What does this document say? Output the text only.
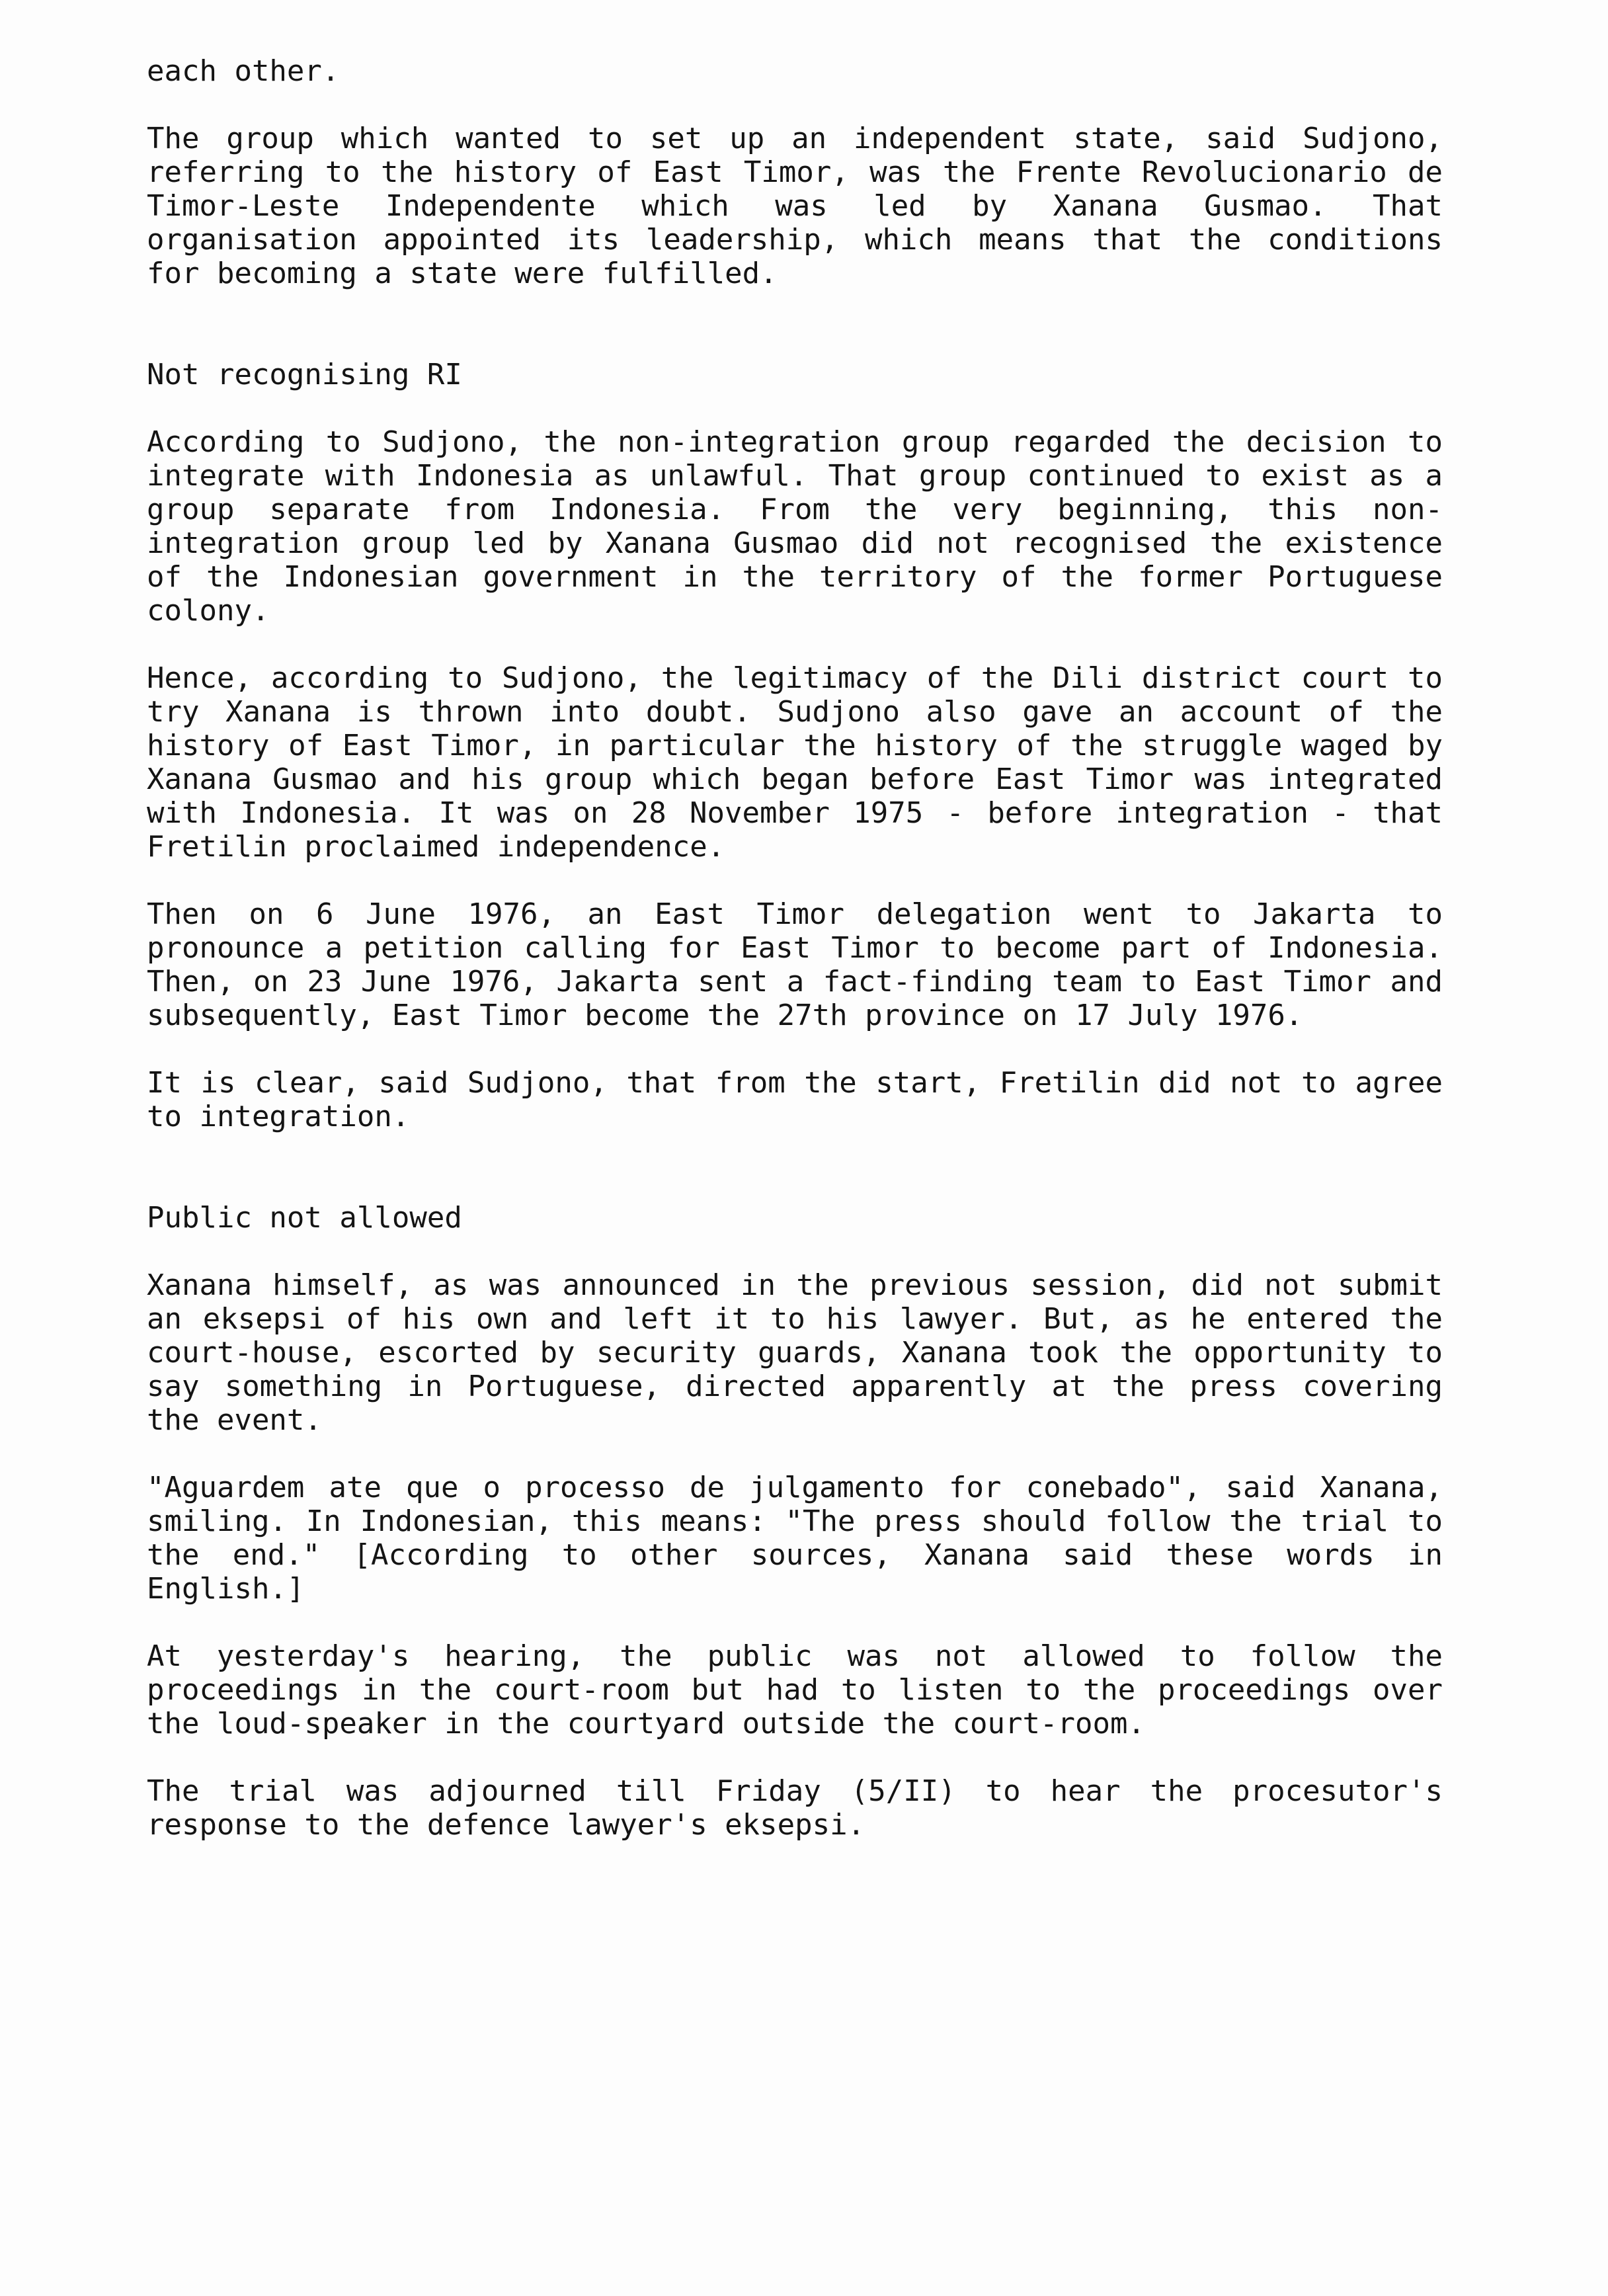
each other.

The group which wanted to set up an independent state, said Sudjono, referring to the history of East Timor, was the Frente Revolucionario de Timor-Leste Independente which was led by Xanana Gusmao. That organisation appointed its leadership, which means that the conditions for becoming a state were fulfilled.

Not recognising RI

According to Sudjono, the non-integration group regarded the decision to integrate with Indonesia as unlawful. That group continued to exist as a group separate from Indonesia. From the very beginning, this non-integration group led by Xanana Gusmao did not recognised the existence of the Indonesian government in the territory of the former Portuguese colony.

Hence, according to Sudjono, the legitimacy of the Dili district court to try Xanana is thrown into doubt. Sudjono also gave an account of the history of East Timor, in particular the history of the struggle waged by Xanana Gusmao and his group which began before East Timor was integrated with Indonesia. It was on 28 November 1975 - before integration - that Fretilin proclaimed independence.

Then on 6 June 1976, an East Timor delegation went to Jakarta to pronounce a petition calling for East Timor to become part of Indonesia. Then, on 23 June 1976, Jakarta sent a fact-finding team to East Timor and subsequently, East Timor become the 27th province on 17 July 1976.

It is clear, said Sudjono, that from the start, Fretilin did not to agree to integration.

Public not allowed

Xanana himself, as was announced in the previous session, did not submit an eksepsi of his own and left it to his lawyer. But, as he entered the court-house, escorted by security guards, Xanana took the opportunity to say something in Portuguese, directed apparently at the press covering the event.

"Aguardem ate que o processo de julgamento for conebado", said Xanana, smiling. In Indonesian, this means: "The press should follow the trial to the end." [According to other sources, Xanana said these words in English.]

At yesterday's hearing, the public was not allowed to follow the proceedings in the court-room but had to listen to the proceedings over the loud-speaker in the courtyard outside the court-room.

The trial was adjourned till Friday (5/II) to hear the procesutor's response to the defence lawyer's eksepsi.
